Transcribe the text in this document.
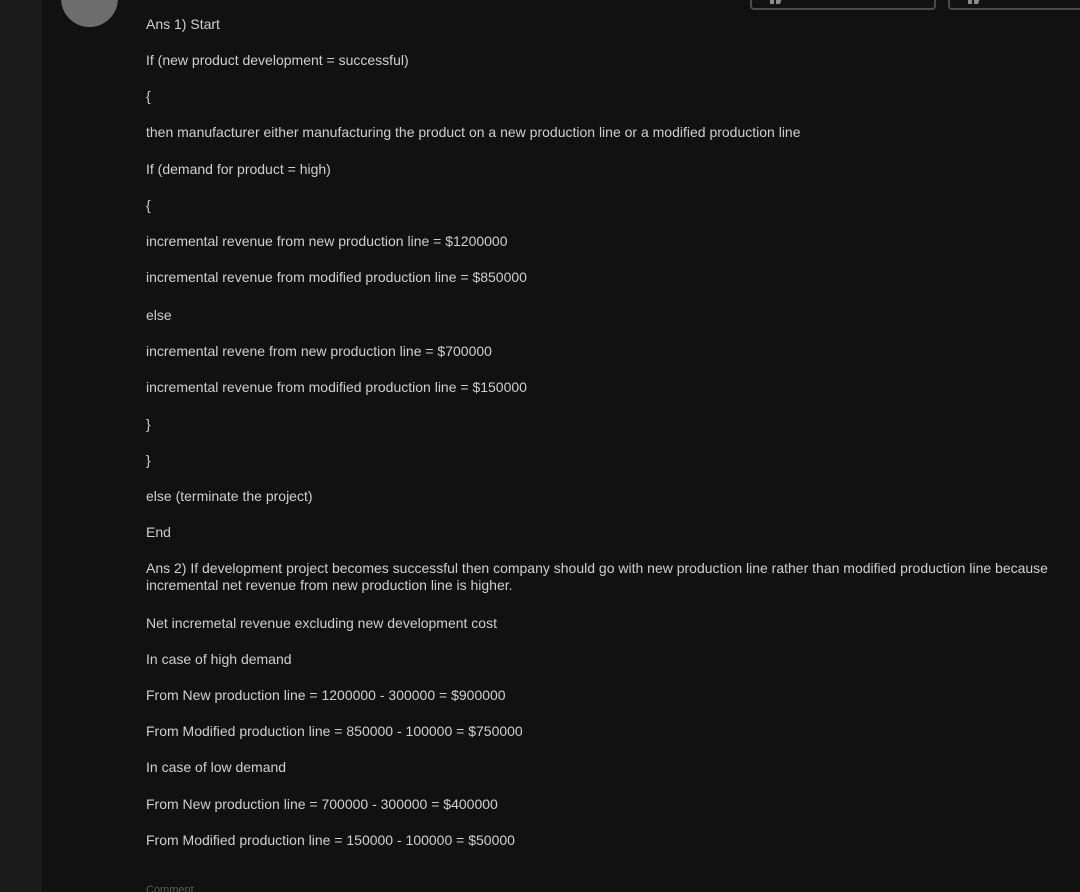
Ans 1) Start

If (new product development = successful)

{

then manufacturer either manufacturing the product on a new production line or a modified production line

If (demand for product = high)

{

incremental revenue from new production line = $1200000

incremental revenue from modified production line = $850000

else

incremental revene from new production line = $700000

incremental revenue from modified production line = $150000

}

}

else (terminate the project)

End

Ans 2) If development project becomes successful then company should go with new production line rather than modified production line because incremental net revenue from new production line is higher.

Net incremetal revenue excluding new development cost

In case of high demand

From New production line = 1200000 - 300000 = $900000

From Modified production line = 850000 - 100000 = $750000

In case of low demand

From New production line = 700000 - 300000 = $400000

From Modified production line = 150000 - 100000 = $50000

Comment
